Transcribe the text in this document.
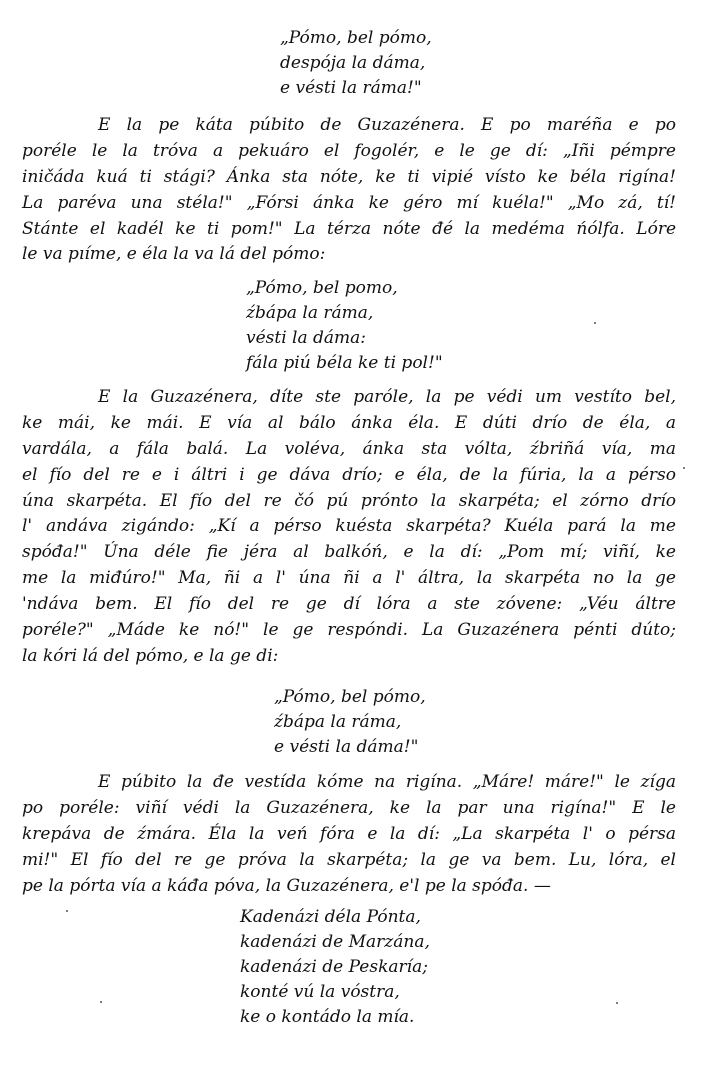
„Pómo, bel pómo,
despója la dáma,
e vésti la ráma!"
E la pe káta púbito de Guzazénera. E po maréña e po
poréle le la tróva a pekuáro el fogolér, e le ge dí: „Iñi pémpre
iničáda kuá ti stági? Ánka sta nóte, ke ti vipié vísto ke béla rigína!
La paréva una stéla!" „Fórsi ánka ke géro mí kuéla!" „Mo zá, tí!
Stánte el kadél ke ti pom!" La térza nóte đé la medéma ńólfa. Lóre
le va pıíme, e éla la va lá del pómo:
„Pómo, bel pomo,
źbápa la ráma,
vésti la dáma:
fála piú béla ke ti pol!"
E la Guzazénera, díte ste paróle, la pe védi um vestíto bel,
ke mái, ke mái. E vía al bálo ánka éla. E dúti drío de éla, a
vardála, a fála balá. La voléva, ánka sta vólta, źbriñá vía, ma
el fío del re e i áltri i ge dáva drío; e éla, de la fúria, la a pérso
úna skarpéta. El fío del re čó pú prónto la skarpéta; el zórno drío
l' andáva zigándo: „Kí a pérso kuésta skarpéta? Kuéla pará la me
spóđa!" Úna déle fie jéra al balkóń, e la dí: „Pom mí; viñí, ke
me la miđúro!" Ma, ñi a l' úna ñi a l' áltra, la skarpéta no la ge
'ndáva bem. El fío del re ge dí lóra a ste zóvene: „Véu áltre
poréle?" „Máde ke nó!" le ge respóndi. La Guzazénera pénti dúto;
la kóri lá del pómo, e la ge di:
„Pómo, bel pómo,
źbápa la ráma,
e vésti la dáma!"
E púbito la đe vestída kóme na rigína. „Máre! máre!" le zíga
po poréle: viñí védi la Guzazénera, ke la par una rigína!" E le
krepáva de źmára. Éla la veń fóra e la dí: „La skarpéta l' o pérsa
mi!" El fío del re ge próva la skarpéta; la ge va bem. Lu, lóra, el
pe la pórta vía a káđa póva, la Guzazénera, e'l pe la spóđa. —
Kadenázi déla Pónta,
kadenázi de Marzána,
kadenázi de Peskaría;
konté vú la vóstra,
ke o kontádo la mía.
